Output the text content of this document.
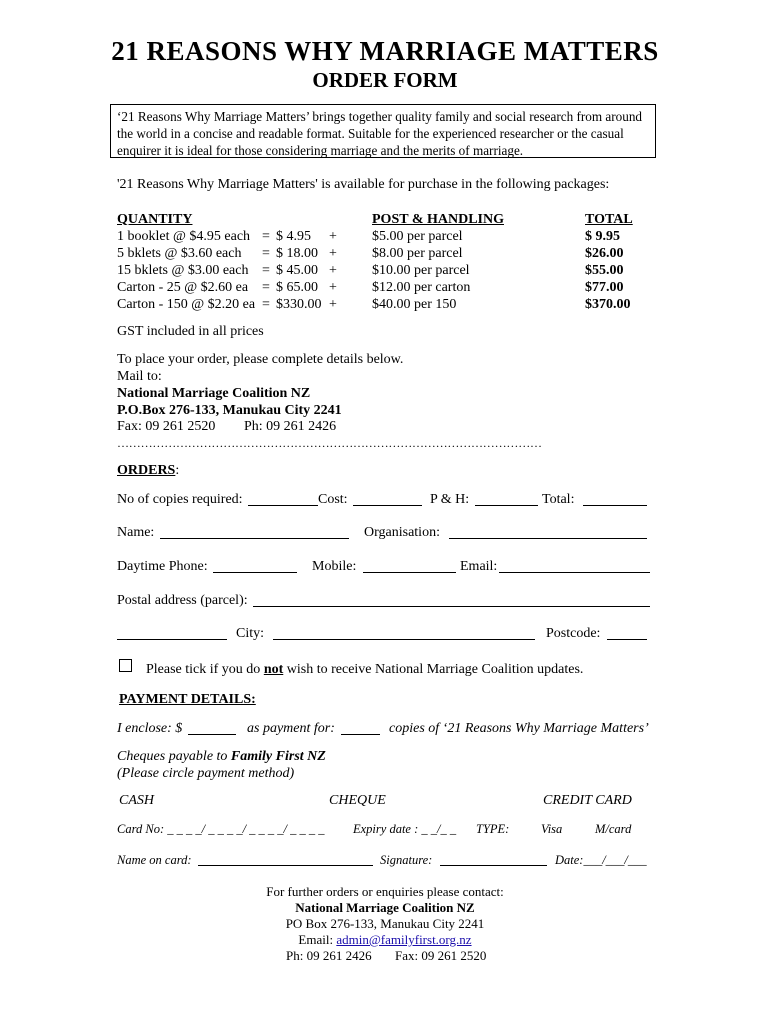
21 REASONS WHY MARRIAGE MATTERS
ORDER FORM
‘21 Reasons Why Marriage Matters’ brings together quality family and social research from around the world in a concise and readable format. Suitable for the experienced researcher or the casual enquirer it is ideal for those considering marriage and the merits of marriage.
'21 Reasons Why Marriage Matters' is available for purchase in the following packages:
QUANTITY	POST & HANDLING	TOTAL
1 booklet @ $4.95 each = $ 4.95 +	$5.00 per parcel	$ 9.95
5 bklets @ $3.60 each = $ 18.00 +	$8.00 per parcel	$26.00
15 bklets @ $3.00 each = $ 45.00 +	$10.00 per parcel	$55.00
Carton - 25 @ $2.60 ea = $ 65.00 +	$12.00 per carton	$77.00
Carton - 150 @ $2.20 ea = $330.00 +	$40.00 per 150	$370.00
GST included in all prices
To place your order, please complete details below.
Mail to:
National Marriage Coalition NZ
P.O.Box 276-133, Manukau City 2241
Fax: 09 261 2520 Ph: 09 261 2426
………………………………………………………………………………………………
ORDERS:
No of copies required:	Cost:	P & H:	Total:
Name:	Organisation:
Daytime Phone:	Mobile:	Email:
Postal address (parcel):
City:	Postcode:
Please tick if you do not wish to receive National Marriage Coalition updates.
PAYMENT DETAILS:
I enclose: $	as payment for:	copies of ‘21 Reasons Why Marriage Matters’
Cheques payable to Family First NZ
(Please circle payment method)
CASH	CHEQUE	CREDIT CARD
Card No: _ _ _ _/ _ _ _ _/ _ _ _ _/ _ _ _ _ Expiry date : _ _/_ _ TYPE:	Visa	M/card
Name on card:	Signature:	Date:___/___/___
For further orders or enquiries please contact:
National Marriage Coalition NZ
PO Box 276-133, Manukau City 2241
Email: admin@familyfirst.org.nz
Ph: 09 261 2426 Fax: 09 261 2520
